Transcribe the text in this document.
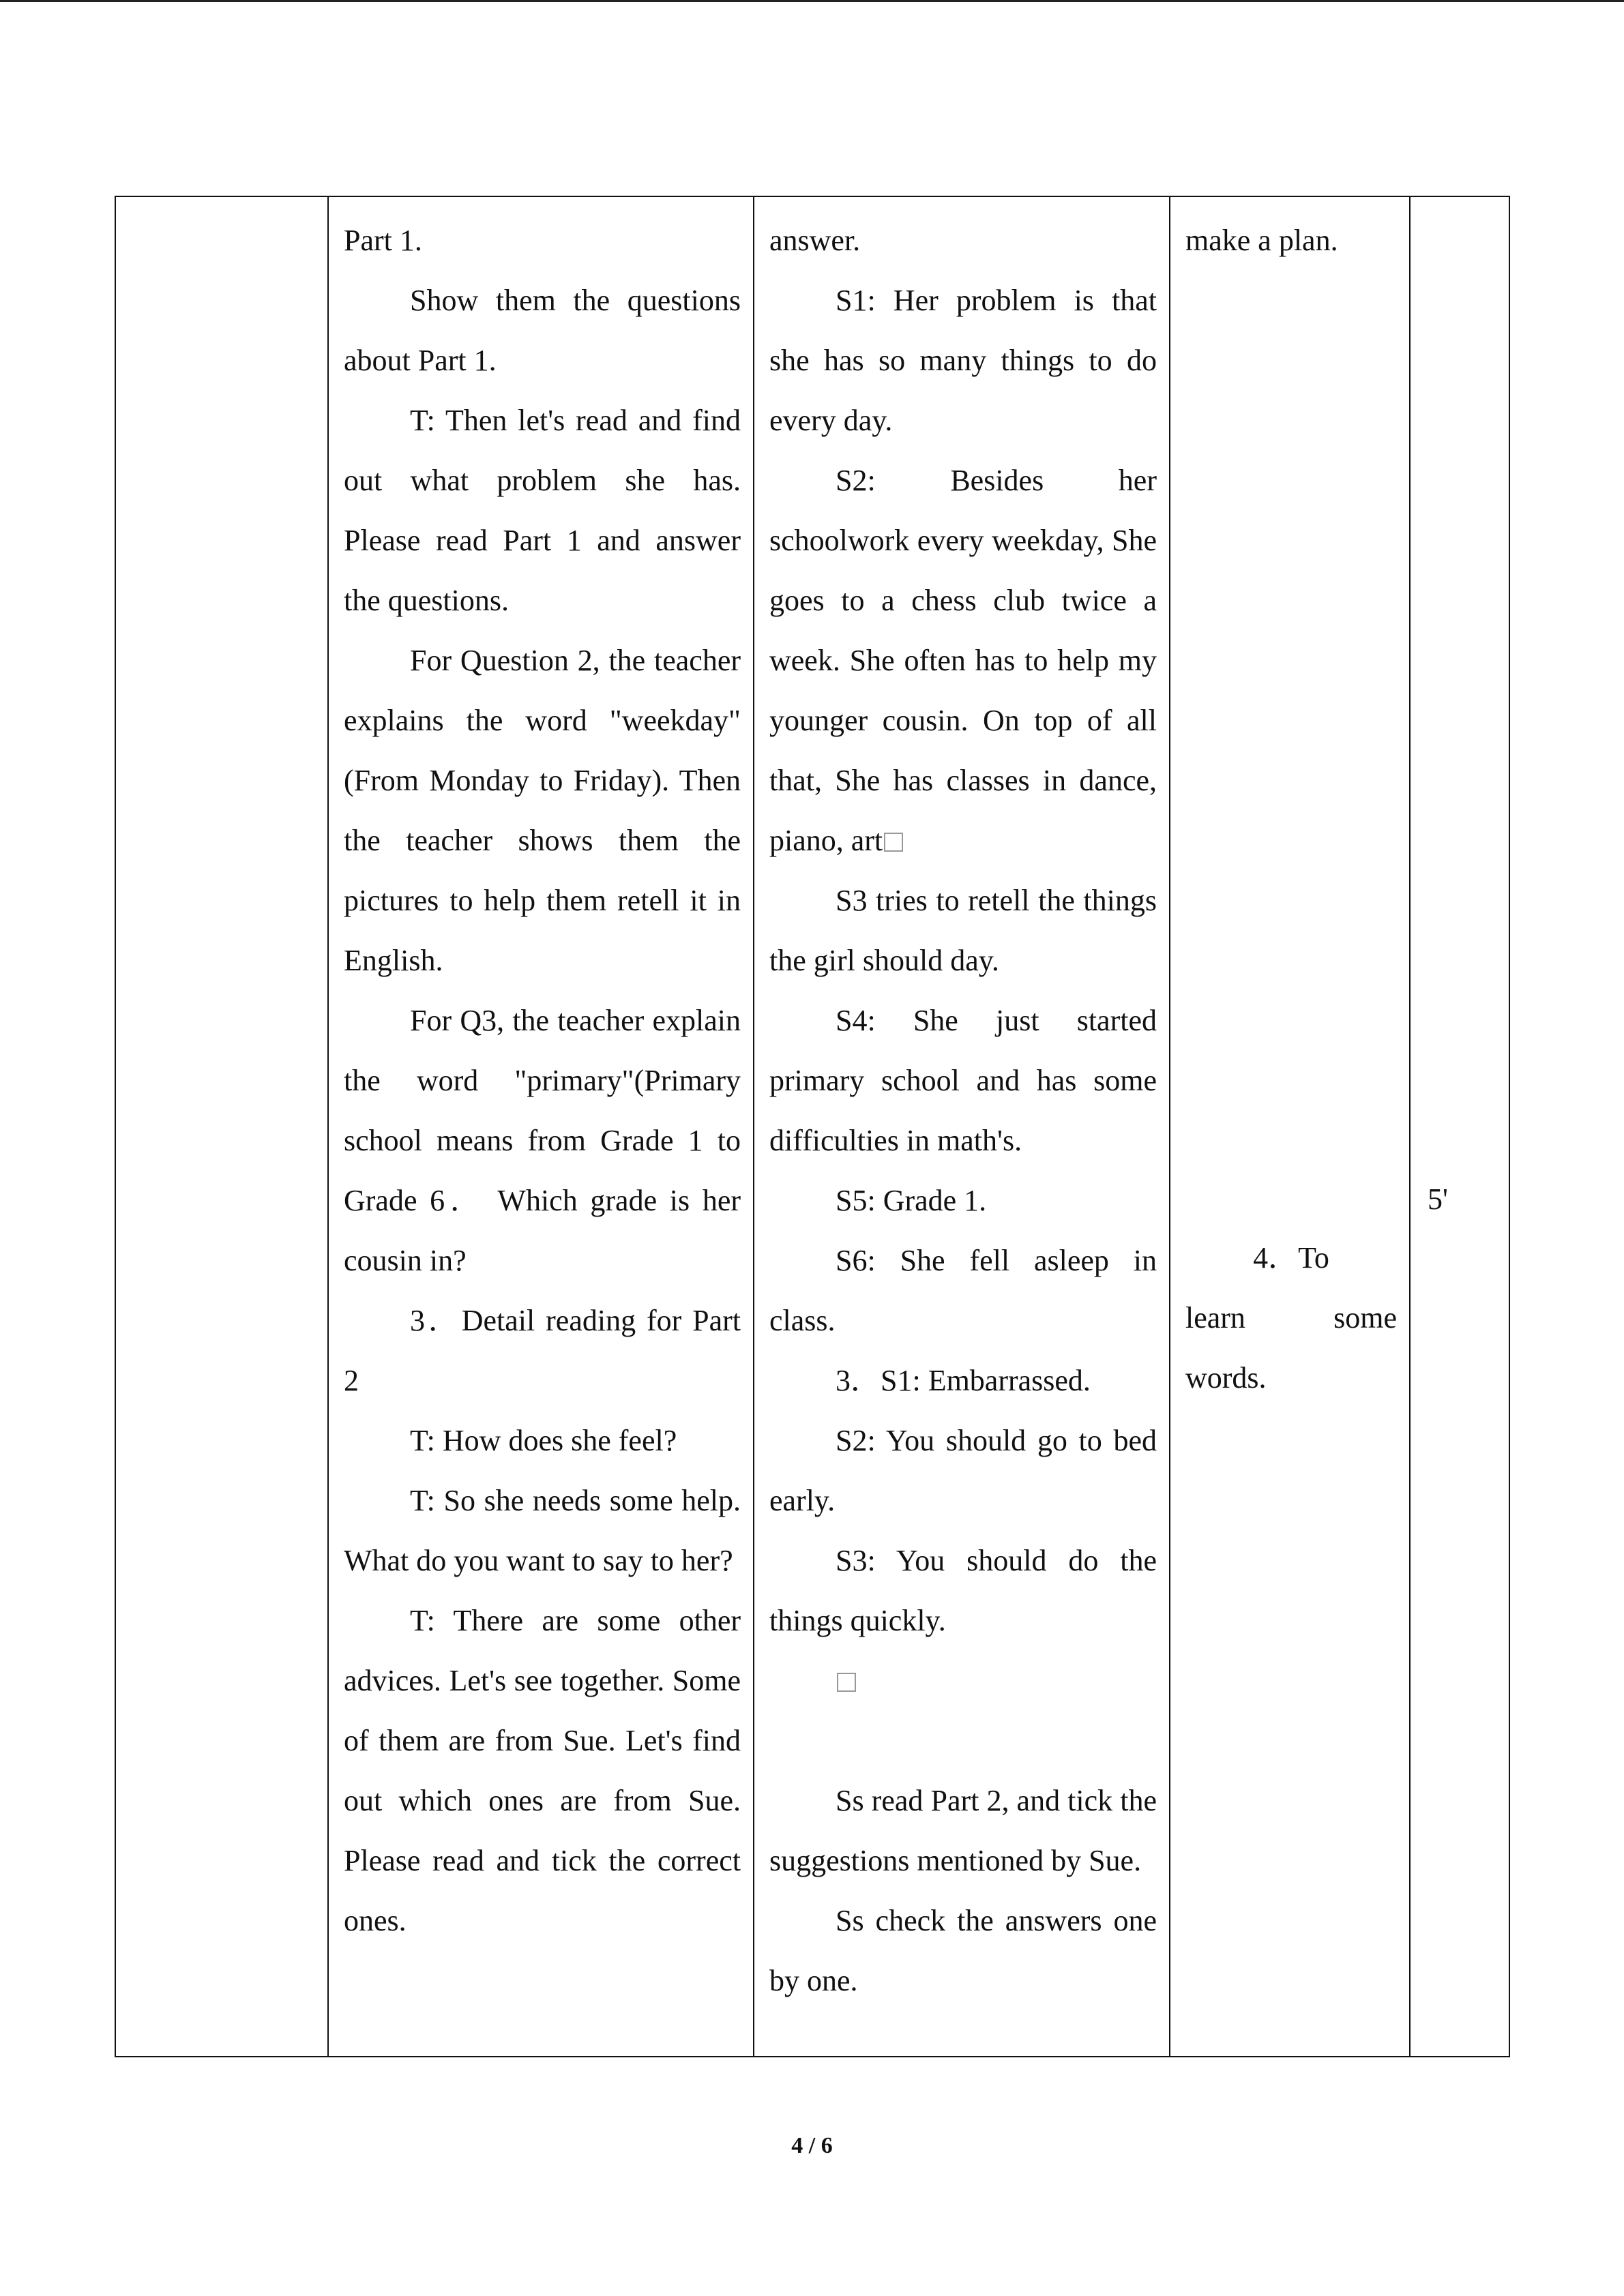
Part 1.

Show them the questions about Part 1.

T: Then let's read and find out what problem she has. Please read Part 1 and answer the questions.

For Question 2, the teacher explains the word "weekday" (From Monday to Friday). Then the teacher shows them the pictures to help them retell it in English.

For Q3, the teacher explain the word "primary"(Primary school means from Grade 1 to Grade 6． Which grade is her cousin in?

3．Detail reading for Part 2

T: How does she feel?

T: So she needs some help. What do you want to say to her?

T: There are some other advices. Let's see together. Some of them are from Sue. Let's find out which ones are from Sue. Please read and tick the correct ones.

answer.

S1: Her problem is that she has so many things to do every day.

S2: Besides her schoolwork every weekday, She goes to a chess club twice a week. She often has to help my younger cousin. On top of all that, She has classes in dance, piano, art

S3 tries to retell the things the girl should day.

S4: She just started primary school and has some difficulties in math's.

S5: Grade 1.

S6: She fell asleep in class.

3．S1: Embarrassed.

S2: You should go to bed early.

S3: You should do the things quickly.

Ss read Part 2, and tick the suggestions mentioned by Sue.

Ss check the answers one by one.

make a plan.

4．To

learn some words.

5'

4 / 6
